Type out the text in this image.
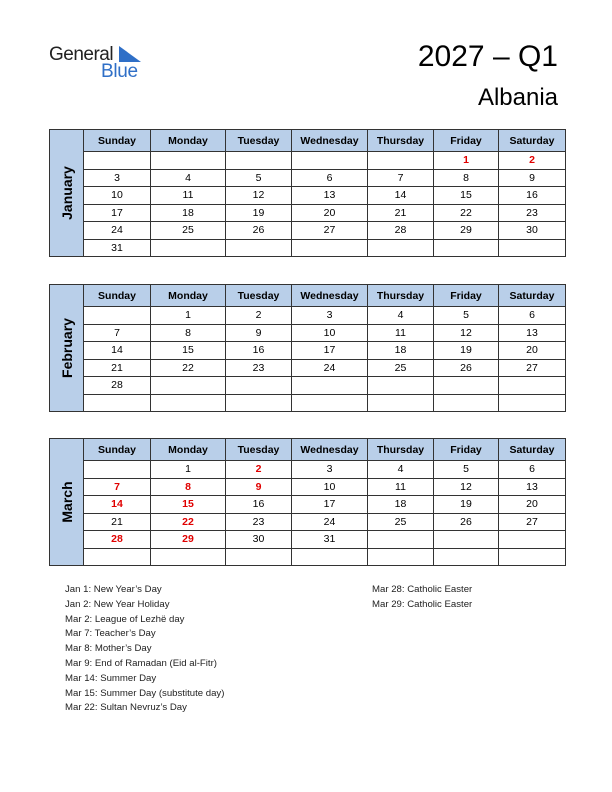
General
Blue	2027 – Q1
Albania
January	Sunday	Monday	Tuesday	Wednesday	Thursday	Friday	Saturday
						1	2
	3	4	5	6	7	8	9
	10	11	12	13	14	15	16
	17	18	19	20	21	22	23
	24	25	26	27	28	29	30
	31						
February	Sunday	Monday	Tuesday	Wednesday	Thursday	Friday	Saturday
		1	2	3	4	5	6
	7	8	9	10	11	12	13
	14	15	16	17	18	19	20
	21	22	23	24	25	26	27
	28						

March	Sunday	Monday	Tuesday	Wednesday	Thursday	Friday	Saturday
		1	2	3	4	5	6
	7	8	9	10	11	12	13
	14	15	16	17	18	19	20
	21	22	23	24	25	26	27
	28	29	30	31			

Jan 1: New Year’s Day
Jan 2: New Year Holiday
Mar 2: League of Lezhë day
Mar 7: Teacher’s Day
Mar 8: Mother’s Day
Mar 9: End of Ramadan (Eid al-Fitr)
Mar 14: Summer Day
Mar 15: Summer Day (substitute day)
Mar 22: Sultan Nevruz’s Day
Mar 28: Catholic Easter
Mar 29: Catholic Easter
